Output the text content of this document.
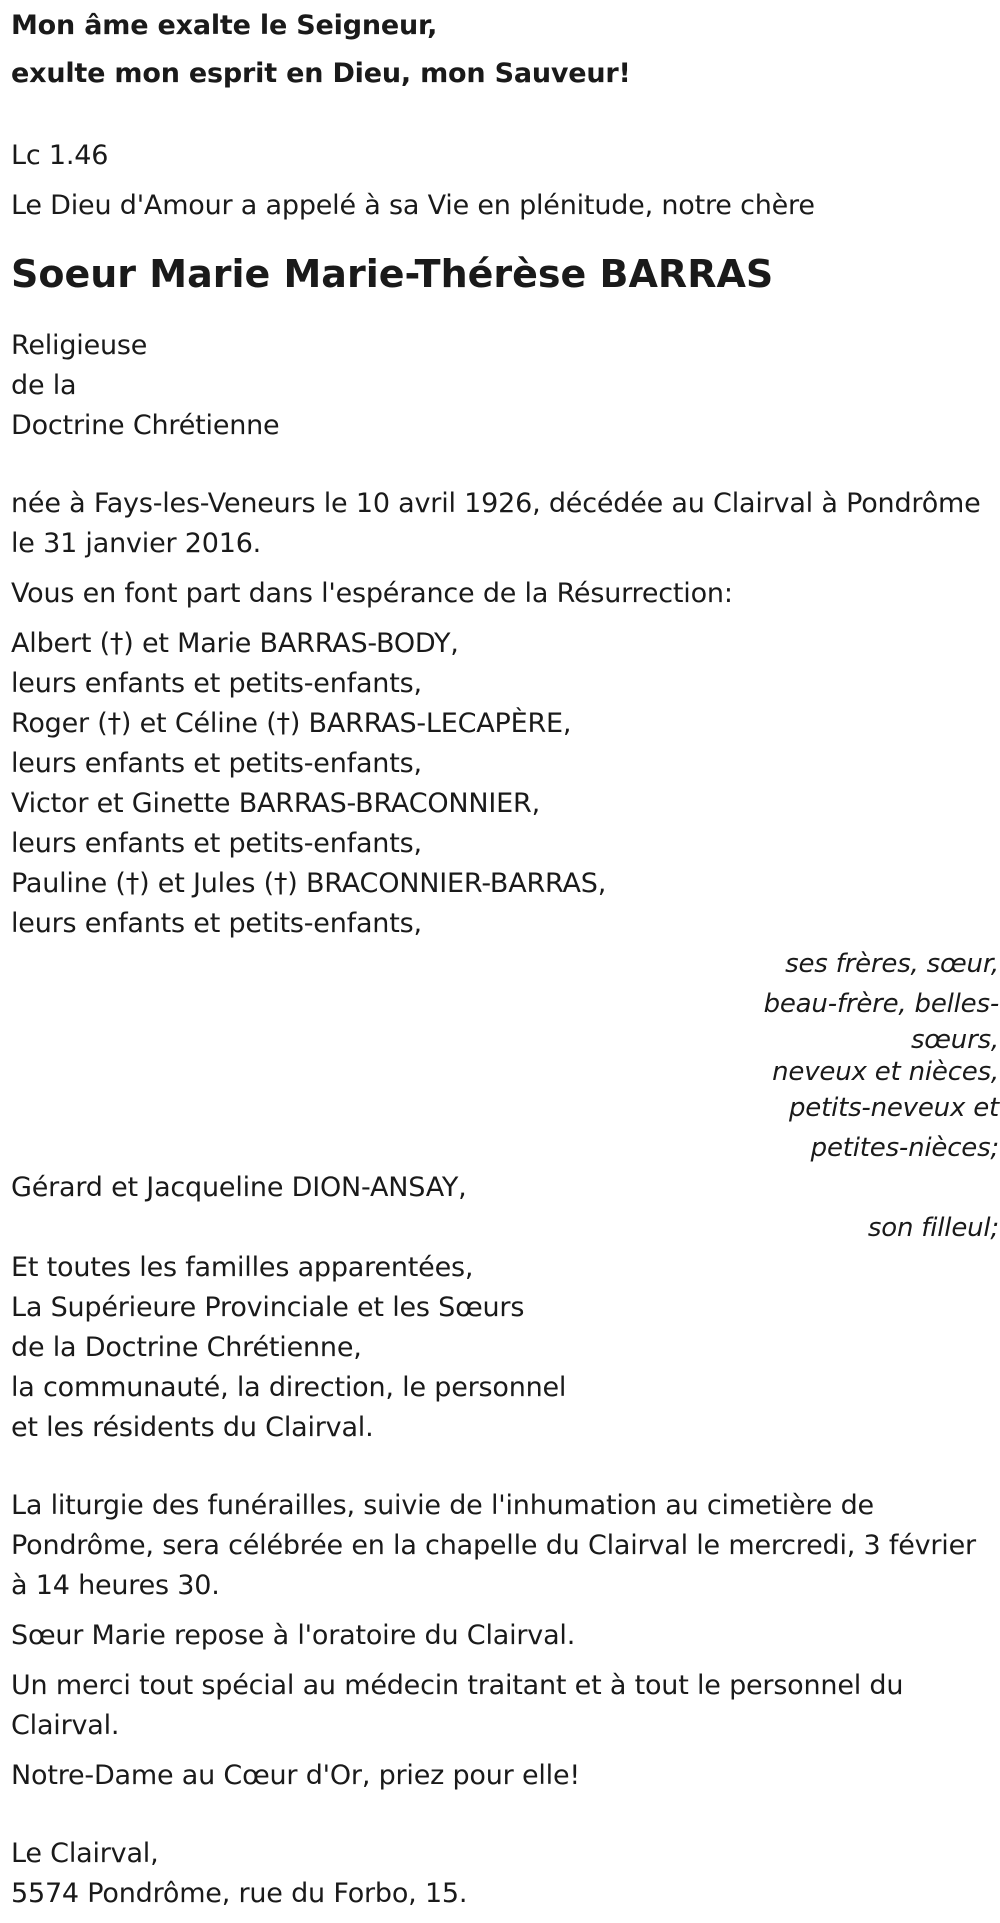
Mon âme exalte le Seigneur,
exulte mon esprit en Dieu, mon Sauveur!
Lc 1.46
Le Dieu d'Amour a appelé à sa Vie en plénitude, notre chère
Soeur Marie Marie-Thérèse BARRAS
Religieuse
de la
Doctrine Chrétienne
née à Fays-les-Veneurs le 10 avril 1926, décédée au Clairval à Pondrôme
le 31 janvier 2016.
Vous en font part dans l'espérance de la Résurrection:
Albert (†) et Marie BARRAS-BODY,
leurs enfants et petits-enfants,
Roger (†) et Céline (†) BARRAS-LECAPÈRE,
leurs enfants et petits-enfants,
Victor et Ginette BARRAS-BRACONNIER,
leurs enfants et petits-enfants,
Pauline (†) et Jules (†) BRACONNIER-BARRAS,
leurs enfants et petits-enfants,
ses frères, sœur,
beau-frère, belles-
sœurs,
neveux et nièces,
petits-neveux et
petites-nièces;
Gérard et Jacqueline DION-ANSAY,
son filleul;
Et toutes les familles apparentées,
La Supérieure Provinciale et les Sœurs
de la Doctrine Chrétienne,
la communauté, la direction, le personnel
et les résidents du Clairval.
La liturgie des funérailles, suivie de l'inhumation au cimetière de
Pondrôme, sera célébrée en la chapelle du Clairval le mercredi, 3 février
à 14 heures 30.
Sœur Marie repose à l'oratoire du Clairval.
Un merci tout spécial au médecin traitant et à tout le personnel du
Clairval.
Notre-Dame au Cœur d'Or, priez pour elle!
Le Clairval,
5574 Pondrôme, rue du Forbo, 15.
